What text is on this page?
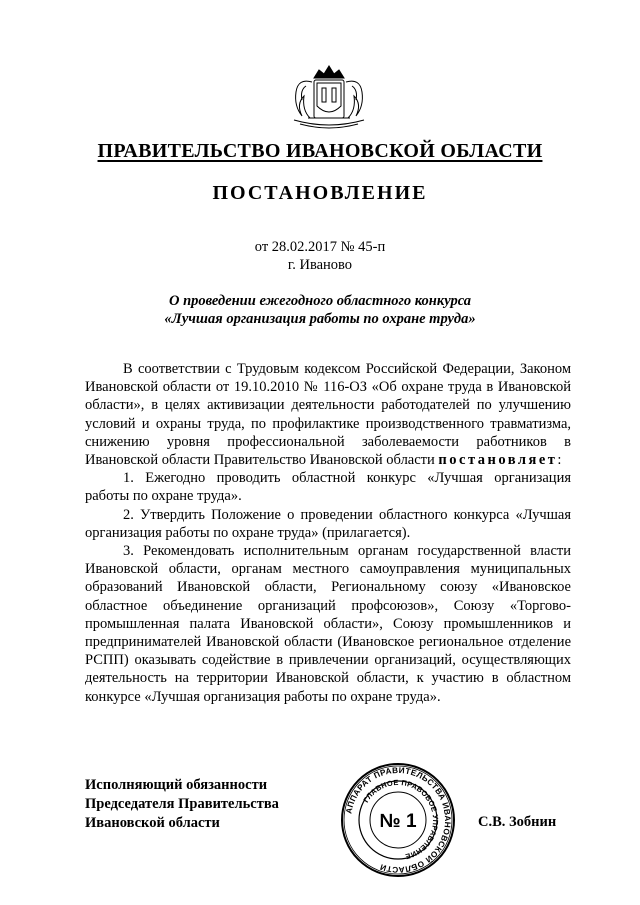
ПРАВИТЕЛЬСТВО ИВАНОВСКОЙ ОБЛАСТИ
ПОСТАНОВЛЕНИЕ
от 28.02.2017 № 45-п
г. Иваново
О проведении ежегодного областного конкурса
«Лучшая организация работы по охране труда»

В соответствии с Трудовым кодексом Российской Федерации, Законом Ивановской области от 19.10.2010 № 116-ОЗ «Об охране труда в Ивановской области», в целях активизации деятельности работодателей по улучшению условий и охраны труда, по профилактике производственного травматизма, снижению уровня профессиональной заболеваемости работников в Ивановской области Правительство Ивановской области постановляет:

1. Ежегодно проводить областной конкурс «Лучшая организация работы по охране труда».

2. Утвердить Положение о проведении областного конкурса «Лучшая организация работы по охране труда» (прилагается).

3. Рекомендовать исполнительным органам государственной власти Ивановской области, органам местного самоуправления муниципальных образований Ивановской области, Региональному союзу «Ивановское областное объединение организаций профсоюзов», Союзу «Торгово-промышленная палата Ивановской области», Союзу промышленников и предпринимателей Ивановской области (Ивановское региональное отделение РСПП) оказывать содействие в привлечении организаций, осуществляющих деятельность на территории Ивановской области, к участию в областном конкурсе «Лучшая организация работы по охране труда».

Исполняющий обязанности
Председателя Правительства
Ивановской области
АППАРАТ ПРАВИТЕЛЬСТВА ИВАНОВСКОЙ ОБЛАСТИ
ГЛАВНОЕ ПРАВОВОЕ УПРАВЛЕНИЕ
№ 1	С.В. Зобнин
